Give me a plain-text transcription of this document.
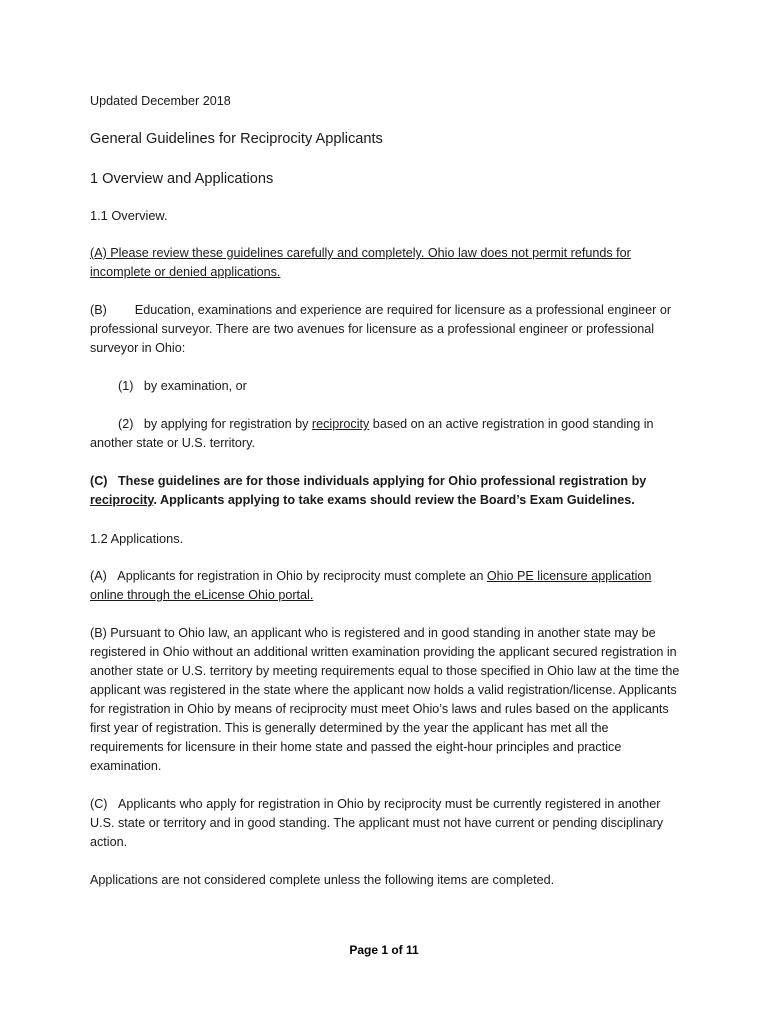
Updated December 2018

General Guidelines for Reciprocity Applicants

1 Overview and Applications

1.1 Overview.

(A) Please review these guidelines carefully and completely. Ohio law does not permit refunds for incomplete or denied applications.

(B) Education, examinations and experience are required for licensure as a professional engineer or professional surveyor. There are two avenues for licensure as a professional engineer or professional surveyor in Ohio:

(1) by examination, or

(2) by applying for registration by reciprocity based on an active registration in good standing in another state or U.S. territory.

(C) These guidelines are for those individuals applying for Ohio professional registration by reciprocity. Applicants applying to take exams should review the Board’s Exam Guidelines.

1.2 Applications.

(A) Applicants for registration in Ohio by reciprocity must complete an Ohio PE licensure application online through the eLicense Ohio portal.

(B) Pursuant to Ohio law, an applicant who is registered and in good standing in another state may be registered in Ohio without an additional written examination providing the applicant secured registration in another state or U.S. territory by meeting requirements equal to those specified in Ohio law at the time the applicant was registered in the state where the applicant now holds a valid registration/license. Applicants for registration in Ohio by means of reciprocity must meet Ohio’s laws and rules based on the applicants first year of registration. This is generally determined by the year the applicant has met all the requirements for licensure in their home state and passed the eight-hour principles and practice examination.

(C) Applicants who apply for registration in Ohio by reciprocity must be currently registered in another U.S. state or territory and in good standing. The applicant must not have current or pending disciplinary action.

Applications are not considered complete unless the following items are completed.

Page 1 of 11
